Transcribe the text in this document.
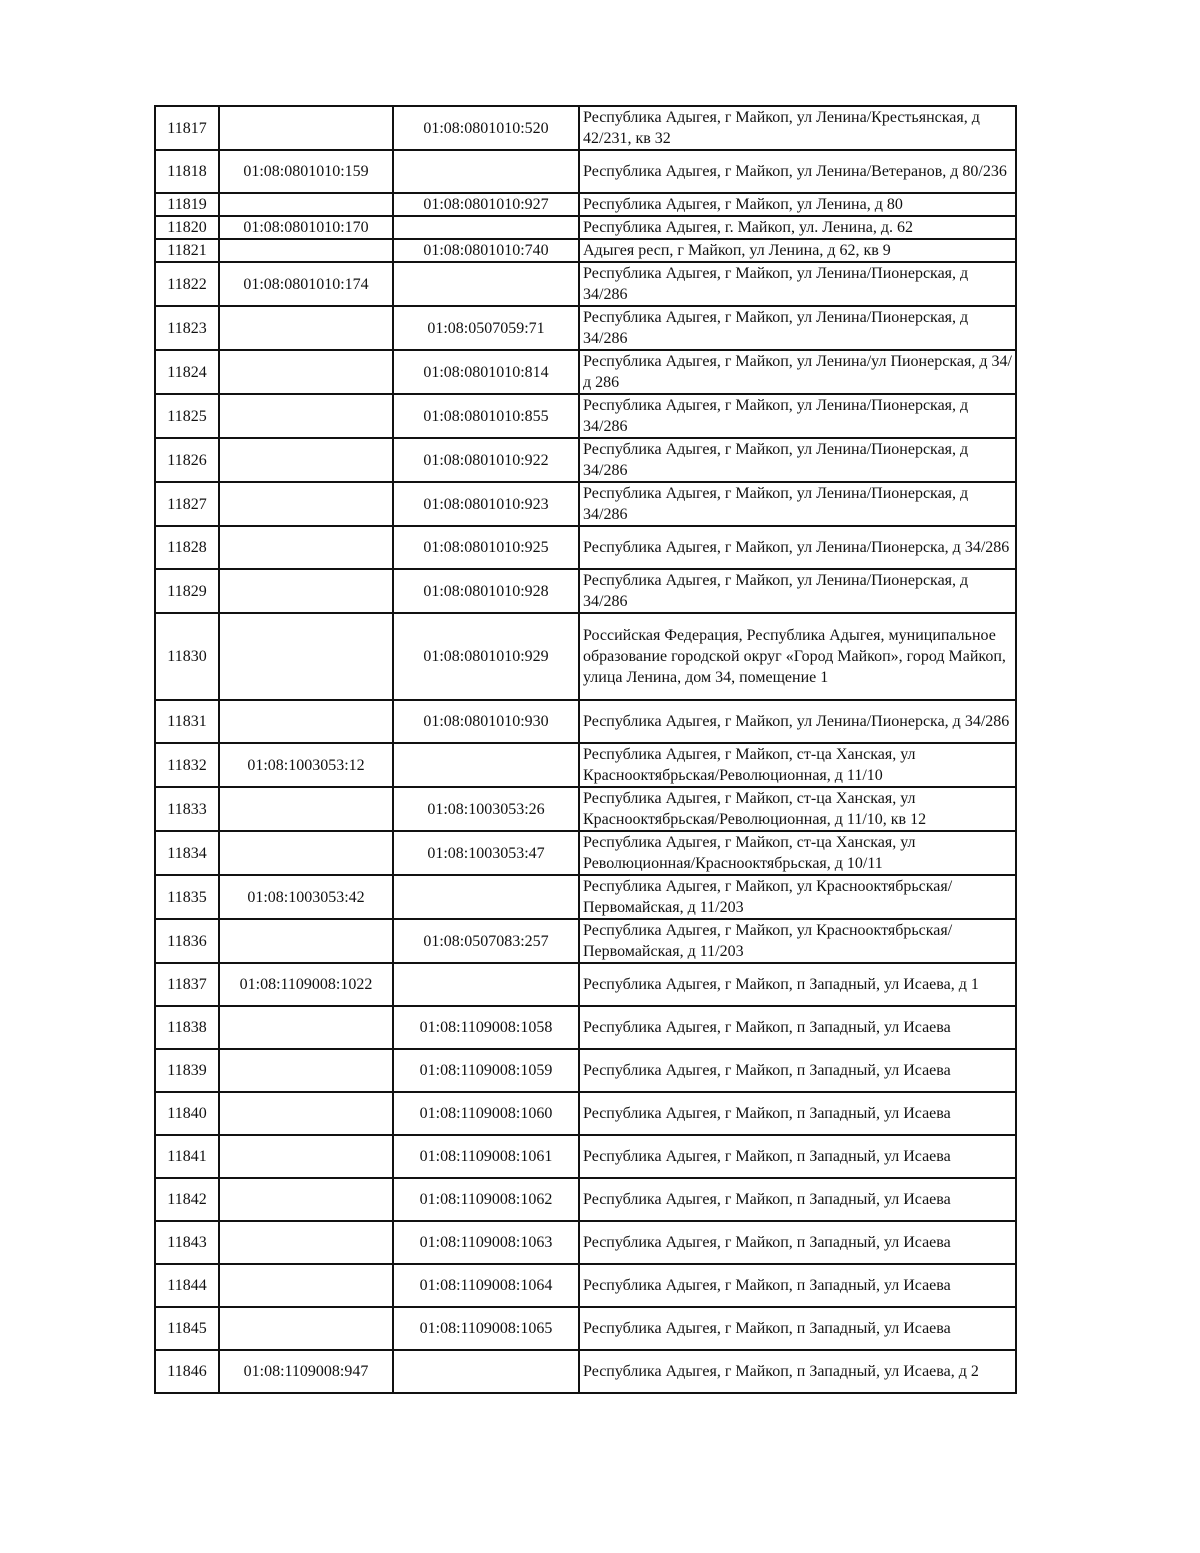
11817		01:08:0801010:520	Республика Адыгея, г Майкоп, ул Ленина/Крестьянская, д 42/231, кв 32
11818	01:08:0801010:159		Республика Адыгея, г Майкоп, ул Ленина/Ветеранов, д 80/236
11819		01:08:0801010:927	Республика Адыгея, г Майкоп, ул Ленина, д 80
11820	01:08:0801010:170		Республика Адыгея, г. Майкоп, ул. Ленина, д. 62
11821		01:08:0801010:740	Адыгея респ, г Майкоп, ул Ленина, д 62, кв 9
11822	01:08:0801010:174		Республика Адыгея, г Майкоп, ул Ленина/Пионерская, д 34/286
11823		01:08:0507059:71	Республика Адыгея, г Майкоп, ул Ленина/Пионерская, д 34/286
11824		01:08:0801010:814	Республика Адыгея, г Майкоп, ул Ленина/ул Пионерская, д 34/д 286
11825		01:08:0801010:855	Республика Адыгея, г Майкоп, ул Ленина/Пионерская, д 34/286
11826		01:08:0801010:922	Республика Адыгея, г Майкоп, ул Ленина/Пионерская, д 34/286
11827		01:08:0801010:923	Республика Адыгея, г Майкоп, ул Ленина/Пионерская, д 34/286
11828		01:08:0801010:925	Республика Адыгея, г Майкоп, ул Ленина/Пионерска, д 34/286
11829		01:08:0801010:928	Республика Адыгея, г Майкоп, ул Ленина/Пионерская, д 34/286
11830		01:08:0801010:929	Российская Федерация, Республика Адыгея, муниципальное образование городской округ «Город Майкоп», город Майкоп, улица Ленина, дом 34, помещение 1
11831		01:08:0801010:930	Республика Адыгея, г Майкоп, ул Ленина/Пионерска, д 34/286
11832	01:08:1003053:12		Республика Адыгея, г Майкоп, ст-ца Ханская, ул Краснооктябрьская/Революционная, д 11/10
11833		01:08:1003053:26	Республика Адыгея, г Майкоп, ст-ца Ханская, ул Краснооктябрьская/Революционная, д 11/10, кв 12
11834		01:08:1003053:47	Республика Адыгея, г Майкоп, ст-ца Ханская, ул Революционная/Краснооктябрьская, д 10/11
11835	01:08:1003053:42		Республика Адыгея, г Майкоп, ул Краснооктябрьская/Первомайская, д 11/203
11836		01:08:0507083:257	Республика Адыгея, г Майкоп, ул Краснооктябрьская/Первомайская, д 11/203
11837	01:08:1109008:1022		Республика Адыгея, г Майкоп, п Западный, ул Исаева, д 1
11838		01:08:1109008:1058	Республика Адыгея, г Майкоп, п Западный, ул Исаева
11839		01:08:1109008:1059	Республика Адыгея, г Майкоп, п Западный, ул Исаева
11840		01:08:1109008:1060	Республика Адыгея, г Майкоп, п Западный, ул Исаева
11841		01:08:1109008:1061	Республика Адыгея, г Майкоп, п Западный, ул Исаева
11842		01:08:1109008:1062	Республика Адыгея, г Майкоп, п Западный, ул Исаева
11843		01:08:1109008:1063	Республика Адыгея, г Майкоп, п Западный, ул Исаева
11844		01:08:1109008:1064	Республика Адыгея, г Майкоп, п Западный, ул Исаева
11845		01:08:1109008:1065	Республика Адыгея, г Майкоп, п Западный, ул Исаева
11846	01:08:1109008:947		Республика Адыгея, г Майкоп, п Западный, ул Исаева, д 2
